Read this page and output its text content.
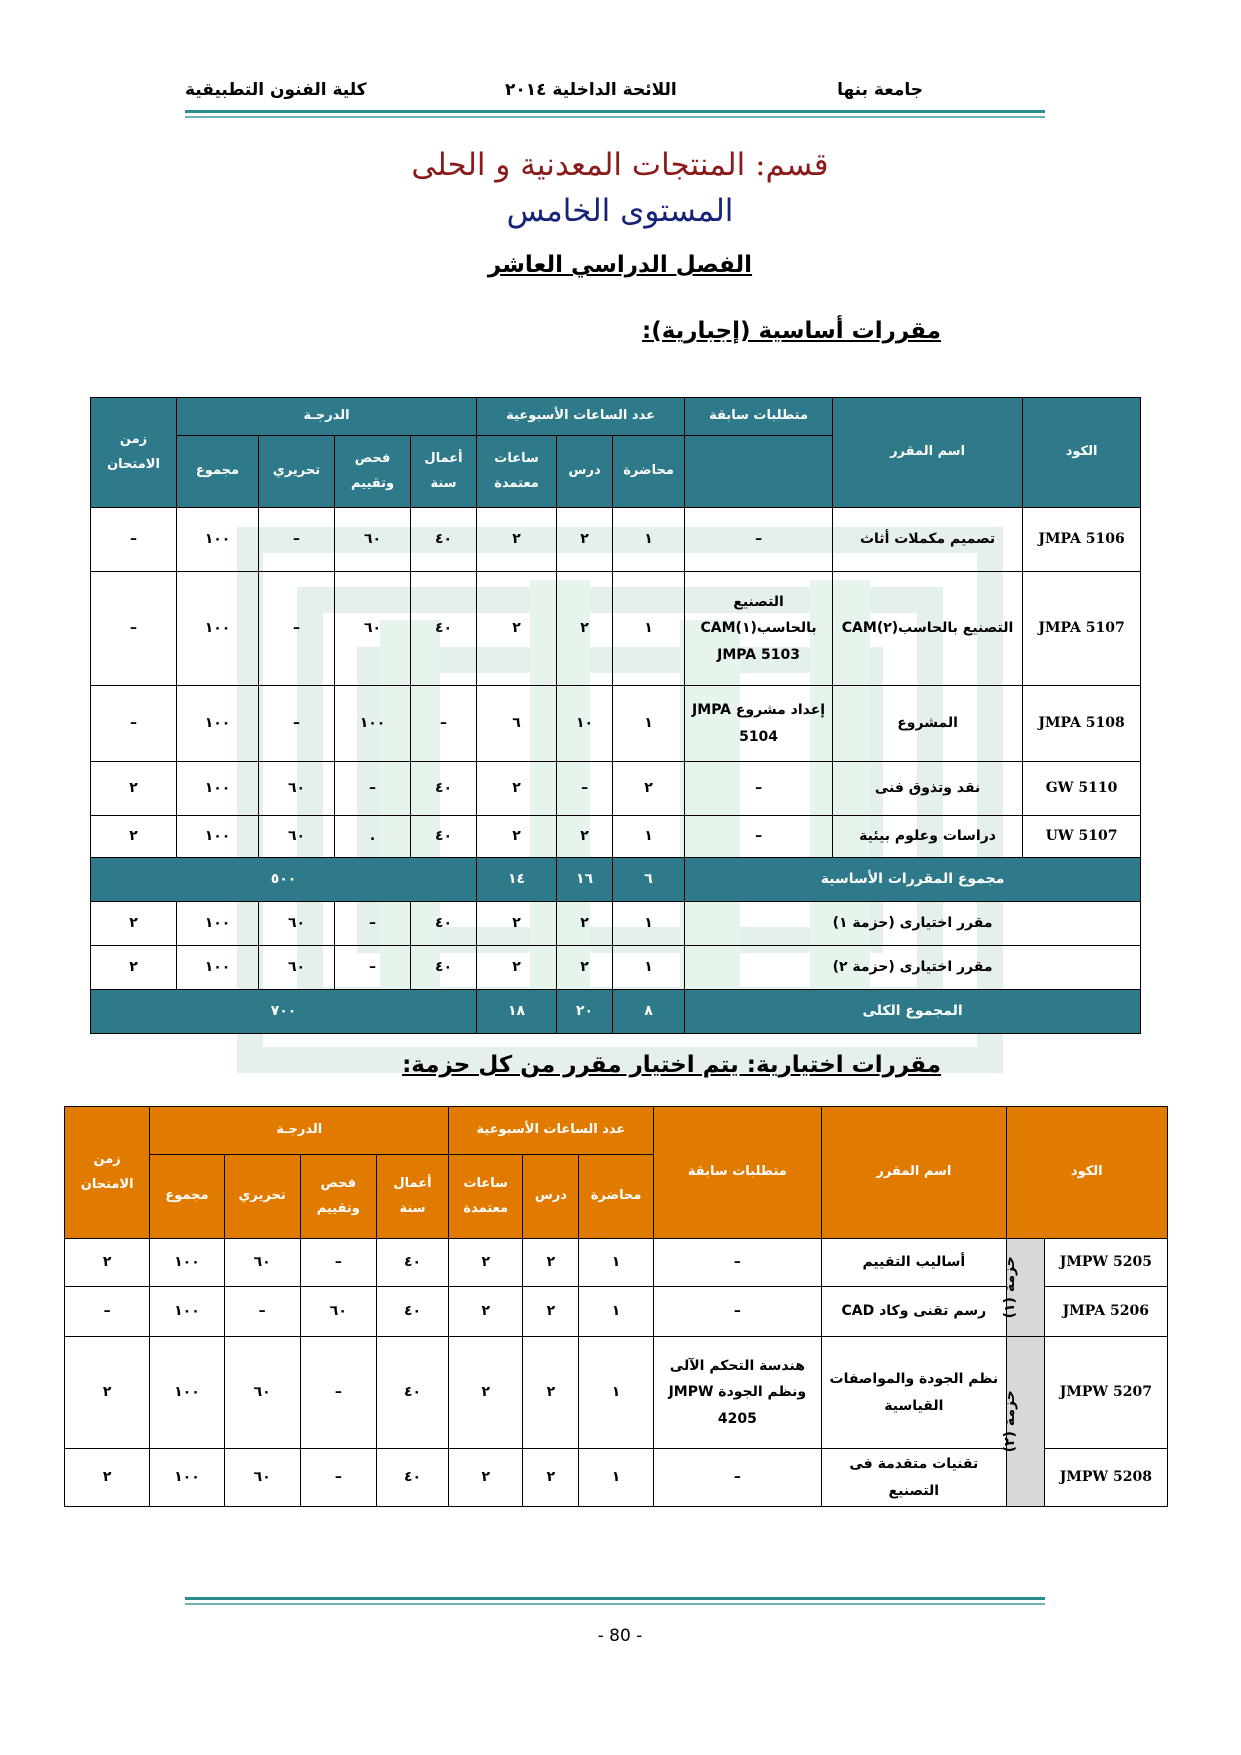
جامعة بنها
اللائحة الداخلية ٢٠١٤
كلية الفنون التطبيقية
قسم: المنتجات المعدنية و الحلى
المستوى الخامس
الفصل الدراسي العاشر
مقررات أساسية (إجبارية):
الكود	اسم المقرر	متطلبات سابقة	عدد الساعات الأسبوعية			الدرجـة				زمن الامتحان
			محاضرة	درس	ساعات معتمدة	أعمال سنة	فحص وتقييم	تحريري	مجموع	
JMPA 5106	تصميم مكملات أثاث	–	١	٢	٢	٤٠	٦٠	–	١٠٠	–
JMPA 5107	التصنيع بالحاسب(٢)CAM	التصنيع بالحاسب(١)CAM JMPA 5103	١	٢	٢	٤٠	٦٠	–	١٠٠	–
JMPA 5108	المشروع	إعداد مشروع JMPA 5104	١	١٠	٦	–	١٠٠	–	١٠٠	–
GW 5110	نقد وتذوق فنى	–	٢	–	٢	٤٠	–	٦٠	١٠٠	٢
UW 5107	دراسات وعلوم بيئية	–	١	٢	٢	٤٠	.	٦٠	١٠٠	٢
مجموع المقررات الأساسية			٦	١٦	١٤	٥٠٠				
مقرر اختيارى (حزمة ١)			١	٢	٢	٤٠	–	٦٠	١٠٠	٢
مقرر اختيارى (حزمة ٢)			١	٢	٢	٤٠	–	٦٠	١٠٠	٢
المجموع الكلى			٨	٢٠	١٨	٧٠٠				
مقررات اختيارية: يتم اختيار مقرر من كل حزمة:
الكود		اسم المقرر	متطلبات سابقة	عدد الساعات الأسبوعية			الدرجـة				زمن الامتحان
				محاضرة	درس	ساعات معتمدة	أعمال سنة	فحص وتقييم	تحريري	مجموع	
JMPW 5205	حزمة (١)	أساليب التقييم	–	١	٢	٢	٤٠	–	٦٠	١٠٠	٢
JMPA 5206		رسم تقنى وكاد CAD	–	١	٢	٢	٤٠	٦٠	–	١٠٠	–
JMPW 5207	حزمة (٢)	نظم الجودة والمواصفات القياسية	هندسة التحكم الآلى ونظم الجودة JMPW 4205	١	٢	٢	٤٠	–	٦٠	١٠٠	٢
JMPW 5208		تقنيات متقدمة فى التصنيع	–	١	٢	٢	٤٠	–	٦٠	١٠٠	٢
- 80 -
